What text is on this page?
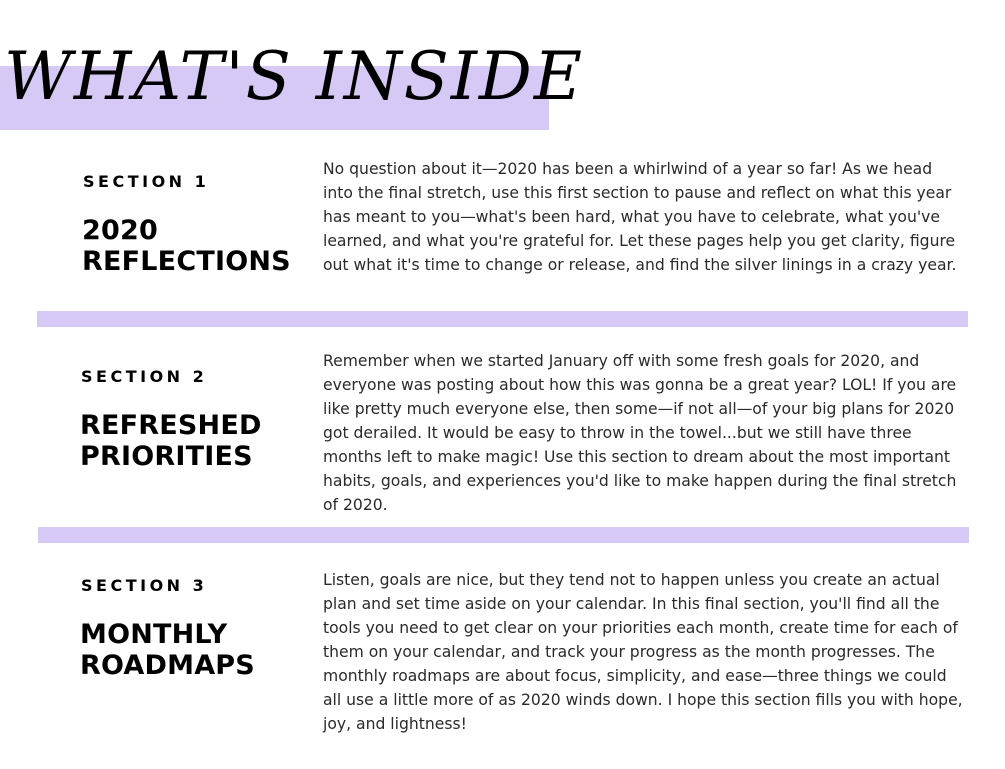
WHAT'S INSIDE

SECTION 1

2020
REFLECTIONS

No question about it—2020 has been a whirlwind of a year so far! As we head into the final stretch, use this first section to pause and reflect on what this year has meant to you—what's been hard, what you have to celebrate, what you've learned, and what you're grateful for. Let these pages help you get clarity, figure out what it's time to change or release, and find the silver linings in a crazy year.

SECTION 2

REFRESHED
PRIORITIES

Remember when we started January off with some fresh goals for 2020, and everyone was posting about how this was gonna be a great year? LOL! If you are like pretty much everyone else, then some—if not all—of your big plans for 2020 got derailed. It would be easy to throw in the towel...but we still have three months left to make magic! Use this section to dream about the most important habits, goals, and experiences you'd like to make happen during the final stretch of 2020.

SECTION 3

MONTHLY
ROADMAPS

Listen, goals are nice, but they tend not to happen unless you create an actual plan and set time aside on your calendar. In this final section, you'll find all the tools you need to get clear on your priorities each month, create time for each of them on your calendar, and track your progress as the month progresses. The monthly roadmaps are about focus, simplicity, and ease—three things we could all use a little more of as 2020 winds down. I hope this section fills you with hope, joy, and lightness!
